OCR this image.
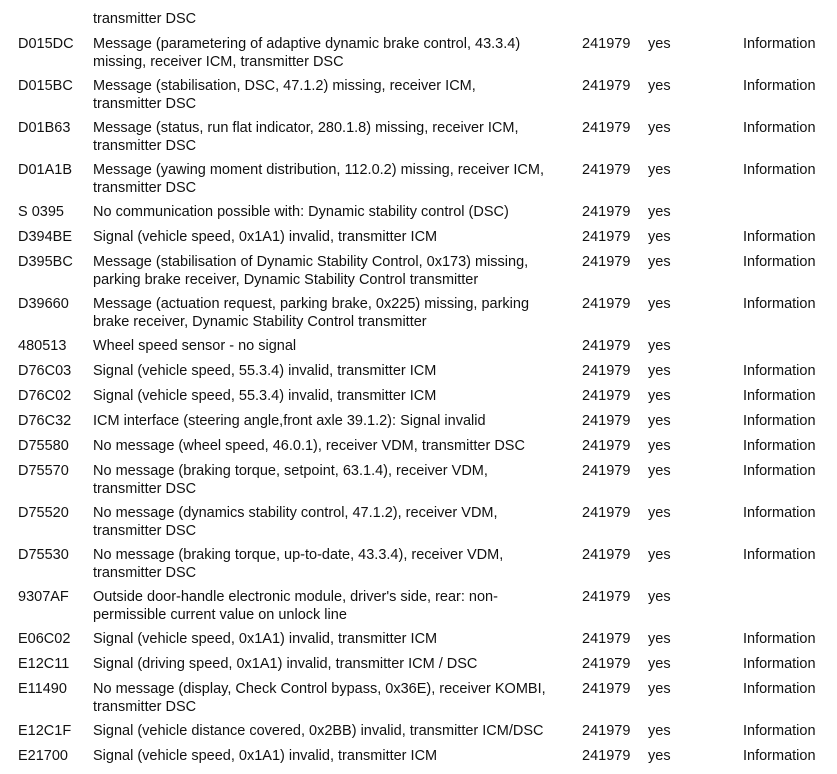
transmitter DSC
D015DC	Message (parametering of adaptive dynamic brake control, 43.3.4)
missing, receiver ICM, transmitter DSC	241979	yes	Information
D015BC	Message (stabilisation, DSC, 47.1.2) missing, receiver ICM,
transmitter DSC	241979	yes	Information
D01B63	Message (status, run flat indicator, 280.1.8) missing, receiver ICM,
transmitter DSC	241979	yes	Information
D01A1B	Message (yawing moment distribution, 112.0.2) missing, receiver ICM,
transmitter DSC	241979	yes	Information
S 0395	No communication possible with: Dynamic stability control (DSC)	241979	yes	
D394BE	Signal (vehicle speed, 0x1A1) invalid, transmitter ICM	241979	yes	Information
D395BC	Message (stabilisation of Dynamic Stability Control, 0x173) missing,
parking brake receiver, Dynamic Stability Control transmitter	241979	yes	Information
D39660	Message (actuation request, parking brake, 0x225) missing, parking
brake receiver, Dynamic Stability Control transmitter	241979	yes	Information
480513	Wheel speed sensor - no signal	241979	yes	
D76C03	Signal (vehicle speed, 55.3.4) invalid, transmitter ICM	241979	yes	Information
D76C02	Signal (vehicle speed, 55.3.4) invalid, transmitter ICM	241979	yes	Information
D76C32	ICM interface (steering angle,front axle 39.1.2): Signal invalid	241979	yes	Information
D75580	No message (wheel speed, 46.0.1), receiver VDM, transmitter DSC	241979	yes	Information
D75570	No message (braking torque, setpoint, 63.1.4), receiver VDM,
transmitter DSC	241979	yes	Information
D75520	No message (dynamics stability control, 47.1.2), receiver VDM,
transmitter DSC	241979	yes	Information
D75530	No message (braking torque, up-to-date, 43.3.4), receiver VDM,
transmitter DSC	241979	yes	Information
9307AF	Outside door-handle electronic module, driver's side, rear: non-
permissible current value on unlock line	241979	yes	
E06C02	Signal (vehicle speed, 0x1A1) invalid, transmitter ICM	241979	yes	Information
E12C11	Signal (driving speed, 0x1A1) invalid, transmitter ICM / DSC	241979	yes	Information
E11490	No message (display, Check Control bypass, 0x36E), receiver KOMBI,
transmitter DSC	241979	yes	Information
E12C1F	Signal (vehicle distance covered, 0x2BB) invalid, transmitter ICM/DSC	241979	yes	Information
E21700	Signal (vehicle speed, 0x1A1) invalid, transmitter ICM	241979	yes	Information
